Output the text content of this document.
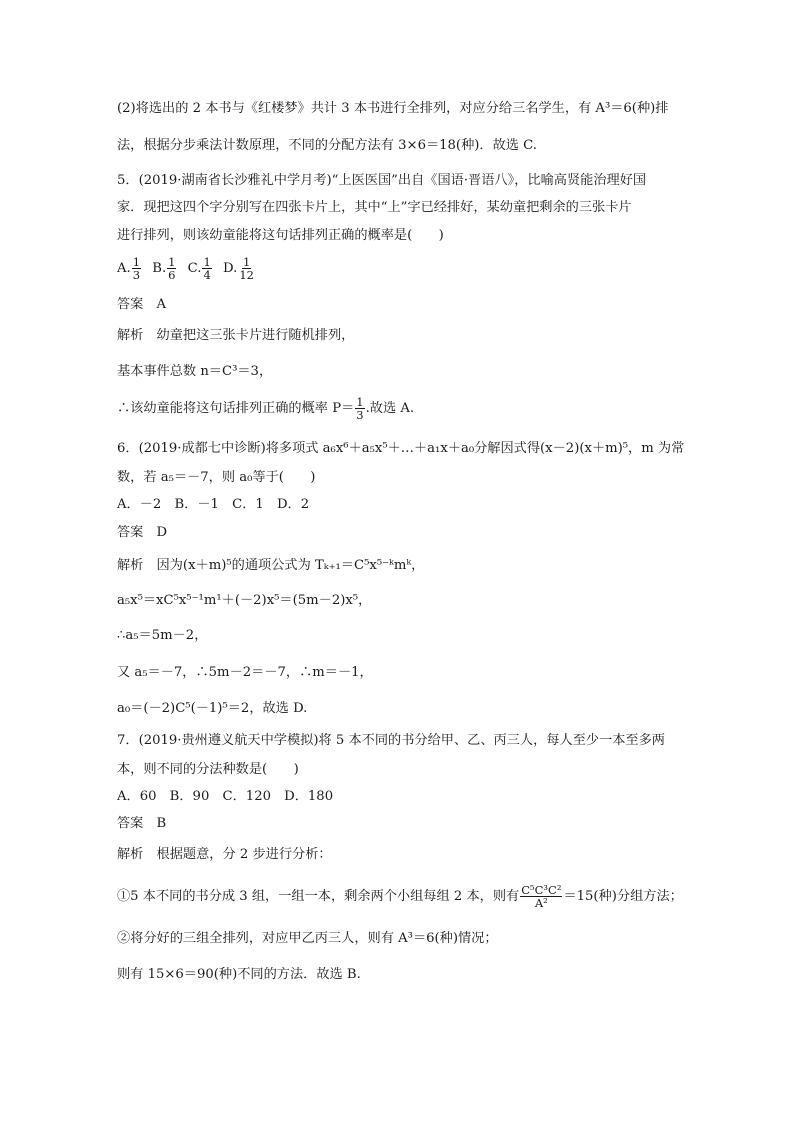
(2)将选出的 2 本书与《红楼梦》共计 3 本书进行全排列，对应分给三名学生，有 A³＝6(种)排
法，根据分步乘法计数原理，不同的分配方法有 3×6＝18(种)．故选 C.
5．(2019·湖南省长沙雅礼中学月考)“上医医国”出自《国语·晋语八》，比喻高贤能治理好国
家．现把这四个字分别写在四张卡片上，其中“上”字已经排好，某幼童把剩余的三张卡片
进行排列，则该幼童能将这句话排列正确的概率是(　　)
A. $\frac{1}{3} B$. $\frac{1}{6} C$. $\frac{1}{4} D$. $\frac{1}{12}$
答案　A
解析　幼童把这三张卡片进行随机排列，
基本事件总数 n＝C³＝3，
∴该幼童能将这句话排列正确的概率 $P= \frac{1}{3}$ .故选 A.
6．(2019·成都七中诊断)将多项式 a₆x⁶＋a₅x⁵＋…＋a₁x＋a₀分解因式得(x－2)(x＋m)⁵，m 为常
数，若 a₅＝－7，则 a₀等于(　　)
A．－2　B．－1　C．1　D．2
答案　D
解析　因为(x＋m)⁵的通项公式为 Tₖ₊₁＝C⁵x⁵⁻ᵏmᵏ，
a₅x⁵＝xC⁵x⁵⁻¹m¹＋(－2)x⁵＝(5m－2)x⁵，
∴a₅＝5m－2，
又 a₅＝－7，∴5m－2＝－7，∴m＝－1，
a₀＝(－2)C⁵(－1)⁵＝2，故选 D.
7．(2019·贵州遵义航天中学模拟)将 5 本不同的书分给甲、乙、丙三人，每人至少一本至多两
本，则不同的分法种数是(　　)
A．60　B．90　C．120　D．180
答案　B
解析　根据题意，分 2 步进行分析：
①5 本不同的书分成 3 组，一组一本，剩余两个小组每组 2 本，则有 $\frac{\text{C⁵C³C²}}{\text{A²}} =15$(种)分组方法；
②将分好的三组全排列，对应甲乙丙三人，则有 A³＝6(种)情况；
则有 15×6＝90(种)不同的方法．故选 B.
